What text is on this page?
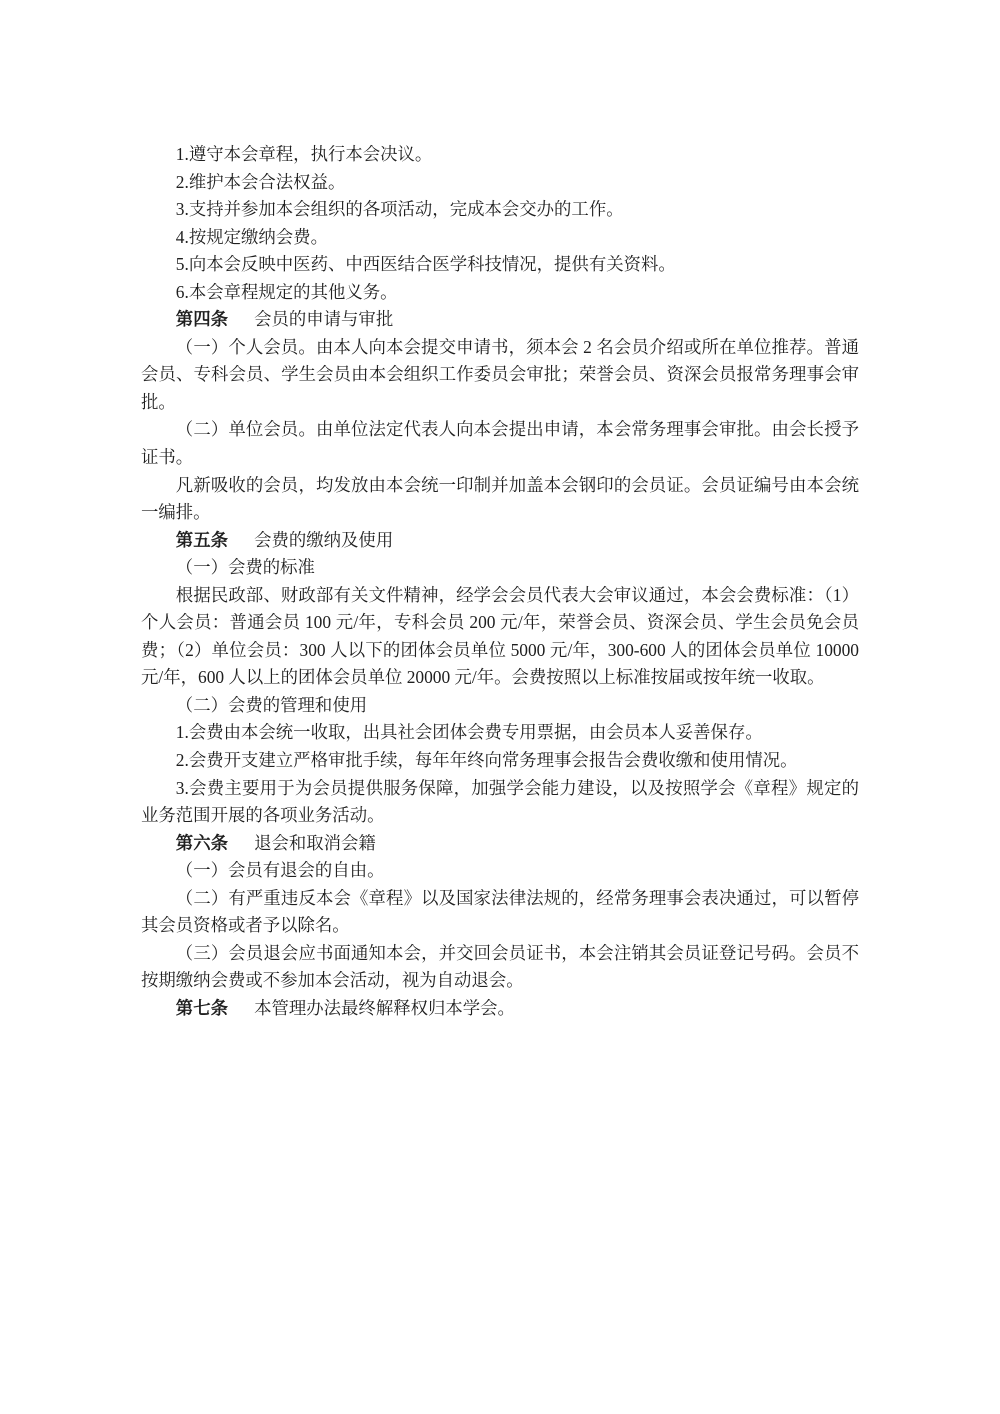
1.遵守本会章程，执行本会决议。

2.维护本会合法权益。

3.支持并参加本会组织的各项活动，完成本会交办的工作。

4.按规定缴纳会费。

5.向本会反映中医药、中西医结合医学科技情况，提供有关资料。

6.本会章程规定的其他义务。

第四条 会员的申请与审批

（一）个人会员。由本人向本会提交申请书，须本会 2 名会员介绍或所在单位推荐。普通会员、专科会员、学生会员由本会组织工作委员会审批；荣誉会员、资深会员报常务理事会审批。

（二）单位会员。由单位法定代表人向本会提出申请，本会常务理事会审批。由会长授予证书。

凡新吸收的会员，均发放由本会统一印制并加盖本会钢印的会员证。会员证编号由本会统一编排。

第五条 会费的缴纳及使用

（一）会费的标准

根据民政部、财政部有关文件精神，经学会会员代表大会审议通过，本会会费标准：（1）个人会员：普通会员 100 元/年，专科会员 200 元/年，荣誉会员、资深会员、学生会员免会员费；（2）单位会员：300 人以下的团体会员单位 5000 元/年，300-600 人的团体会员单位 10000 元/年，600 人以上的团体会员单位 20000 元/年。会费按照以上标准按届或按年统一收取。

（二）会费的管理和使用

1.会费由本会统一收取，出具社会团体会费专用票据，由会员本人妥善保存。

2.会费开支建立严格审批手续，每年年终向常务理事会报告会费收缴和使用情况。

3.会费主要用于为会员提供服务保障，加强学会能力建设，以及按照学会《章程》规定的业务范围开展的各项业务活动。

第六条 退会和取消会籍

（一）会员有退会的自由。

（二）有严重违反本会《章程》以及国家法律法规的，经常务理事会表决通过，可以暂停其会员资格或者予以除名。

（三）会员退会应书面通知本会，并交回会员证书，本会注销其会员证登记号码。会员不按期缴纳会费或不参加本会活动，视为自动退会。

第七条 本管理办法最终解释权归本学会。
